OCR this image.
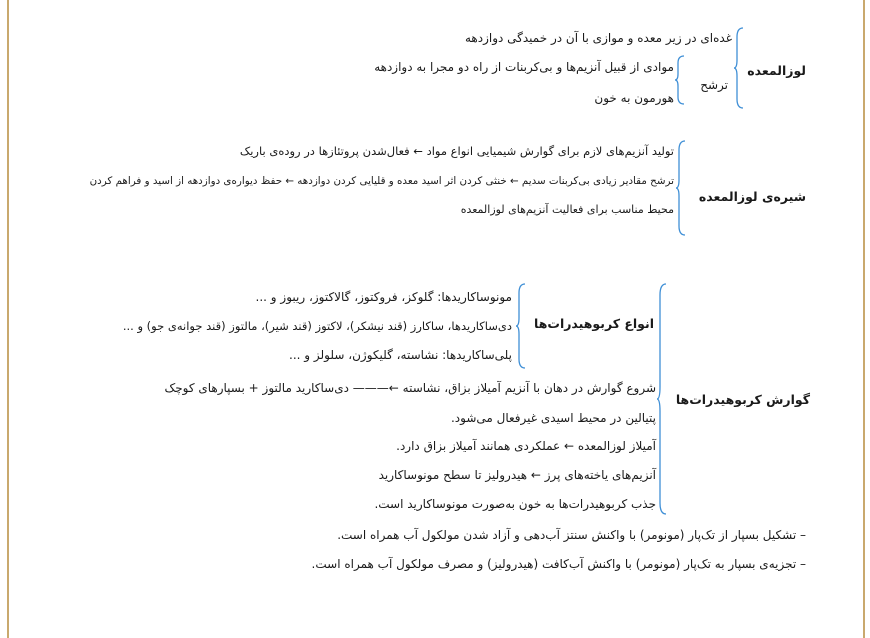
لوزالمعده
غده‌ای در زیر معده و موازی با آن در خمیدگی دوازدهه
ترشح
موادی از قبیل آنزیم‌ها و بی‌کربنات از راه دو مجرا به دوازدهه
هورمون به خون
شیره‌ی لوزالمعده
تولید آنزیم‌های لازم برای گوارش شیمیایی انواع مواد ← فعال‌شدن پروتئازها در روده‌ی باریک
ترشح مقادیر زیادی بی‌کربنات سدیم ← خنثی کردن اثر اسید معده و قلیایی کردن دوازدهه ← حفظ دیواره‌ی دوازدهه از اسید و فراهم کردن
محیط مناسب برای فعالیت آنزیم‌های لوزالمعده
گوارش کربوهیدرات‌ها
انواع کربوهیدرات‌ها
مونوساکاریدها: گلوکز، فروکتوز، گالاکتوز، ریبوز و ...
دی‌ساکاریدها، ساکارز (قند نیشکر)، لاکتوز (قند شیر)، مالتوز (قند جوانه‌ی جو) و ...
پلی‌ساکاریدها: نشاسته، گلیکوژن، سلولز و ...
شروع گوارش در دهان با آنزیم آمیلاز بزاق، نشاسته ←——— دی‌ساکارید مالتوز + بسپارهای کوچک
پتیالین در محیط اسیدی غیرفعال می‌شود.
آمیلاز لوزالمعده ← عملکردی همانند آمیلاز بزاق دارد.
آنزیم‌های یاخته‌های پرز ← هیدرولیز تا سطح مونوساکارید
جذب کربوهیدرات‌ها به خون به‌صورت مونوساکارید است.
– تشکیل بسپار از تک‌پار (مونومر) با واکنش سنتز آب‌دهی و آزاد شدن مولکول آب همراه است.
– تجزیه‌ی بسپار به تک‌پار (مونومر) با واکنش آب‌کافت (هیدرولیز) و مصرف مولکول آب همراه است.
